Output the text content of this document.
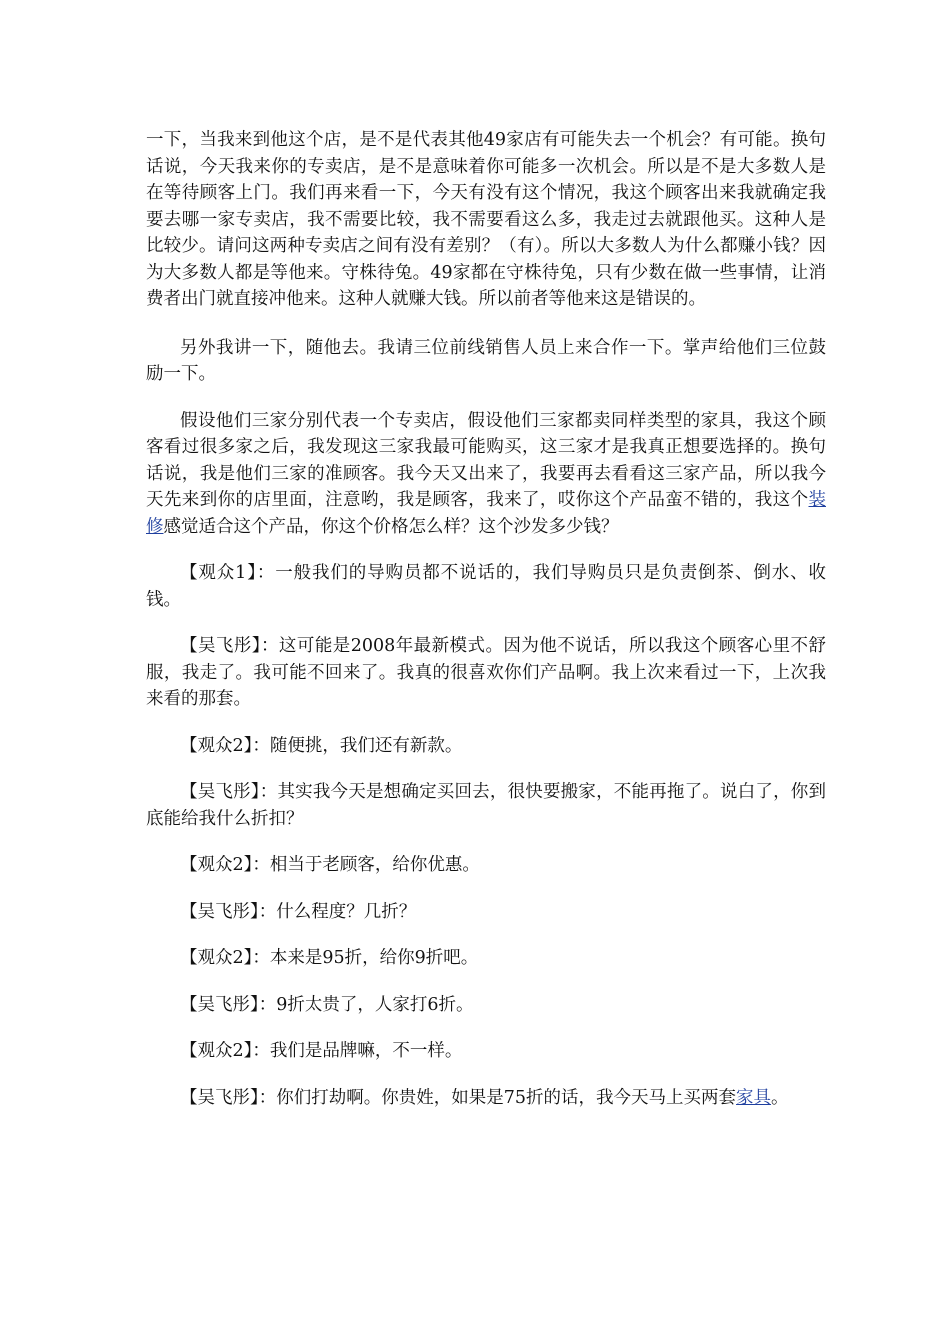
一下，当我来到他这个店，是不是代表其他49家店有可能失去一个机会？有可能。换句话说，今天我来你的专卖店，是不是意味着你可能多一次机会。所以是不是大多数人是在等待顾客上门。我们再来看一下，今天有没有这个情况，我这个顾客出来我就确定我要去哪一家专卖店，我不需要比较，我不需要看这么多，我走过去就跟他买。这种人是比较少。请问这两种专卖店之间有没有差别？（有）。所以大多数人为什么都赚小钱？因为大多数人都是等他来。守株待兔。49家都在守株待兔，只有少数在做一些事情，让消费者出门就直接冲他来。这种人就赚大钱。所以前者等他来这是错误的。

另外我讲一下，随他去。我请三位前线销售人员上来合作一下。掌声给他们三位鼓励一下。

假设他们三家分别代表一个专卖店，假设他们三家都卖同样类型的家具，我这个顾客看过很多家之后，我发现这三家我最可能购买，这三家才是我真正想要选择的。换句话说，我是他们三家的准顾客。我今天又出来了，我要再去看看这三家产品，所以我今天先来到你的店里面，注意哟，我是顾客，我来了，哎你这个产品蛮不错的，我这个装修感觉适合这个产品，你这个价格怎么样？这个沙发多少钱？

【观众1】：一般我们的导购员都不说话的，我们导购员只是负责倒茶、倒水、收钱。

【吴飞彤】：这可能是2008年最新模式。因为他不说话，所以我这个顾客心里不舒服，我走了。我可能不回来了。我真的很喜欢你们产品啊。我上次来看过一下，上次我来看的那套。

【观众2】：随便挑，我们还有新款。

【吴飞彤】：其实我今天是想确定买回去，很快要搬家，不能再拖了。说白了，你到底能给我什么折扣？

【观众2】：相当于老顾客，给你优惠。

【吴飞彤】：什么程度？几折？

【观众2】：本来是95折，给你9折吧。

【吴飞彤】：9折太贵了，人家打6折。

【观众2】：我们是品牌嘛，不一样。

【吴飞彤】：你们打劫啊。你贵姓，如果是75折的话，我今天马上买两套家具。
